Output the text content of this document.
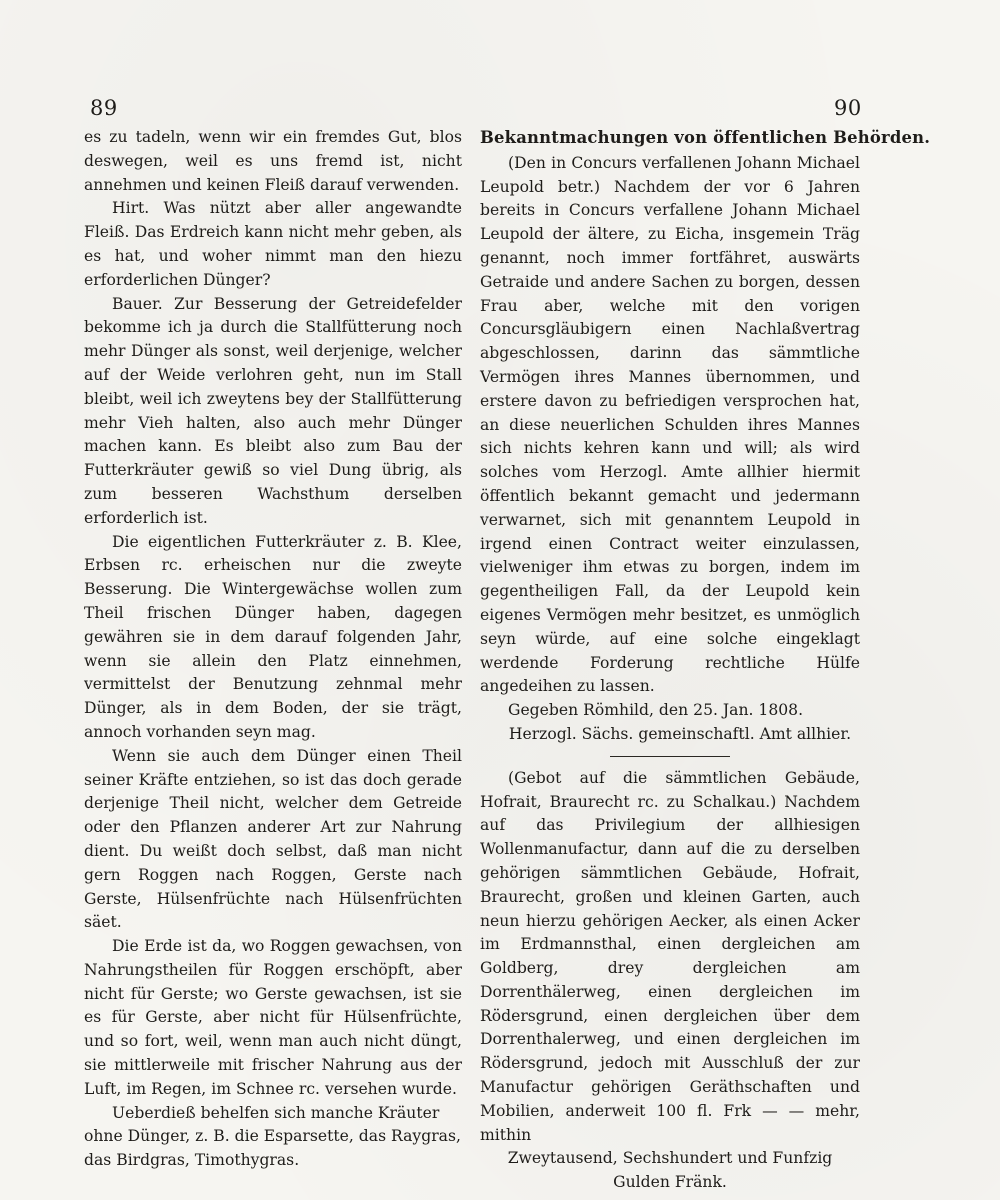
89	90

es zu tadeln, wenn wir ein fremdes Gut, blos deswegen, weil es uns fremd ist, nicht annehmen und keinen Fleiß darauf verwenden.

Hirt. Was nützt aber aller angewandte Fleiß. Das Erdreich kann nicht mehr geben, als es hat, und woher nimmt man den hiezu erforderlichen Dünger?

Bauer. Zur Besserung der Getreidefelder bekomme ich ja durch die Stallfütterung noch mehr Dünger als sonst, weil derjenige, welcher auf der Weide verlohren geht, nun im Stall bleibt, weil ich zweytens bey der Stallfütterung mehr Vieh halten, also auch mehr Dünger machen kann. Es bleibt also zum Bau der Futterkräuter gewiß so viel Dung übrig, als zum besseren Wachsthum derselben erforderlich ist.

Die eigentlichen Futterkräuter z. B. Klee, Erbsen rc. erheischen nur die zweyte Besserung. Die Wintergewächse wollen zum Theil frischen Dünger haben, dagegen gewähren sie in dem darauf folgenden Jahr, wenn sie allein den Platz einnehmen, vermittelst der Benutzung zehnmal mehr Dünger, als in dem Boden, der sie trägt, annoch vorhanden seyn mag.

Wenn sie auch dem Dünger einen Theil seiner Kräfte entziehen, so ist das doch gerade derjenige Theil nicht, welcher dem Getreide oder den Pflanzen anderer Art zur Nahrung dient. Du weißt doch selbst, daß man nicht gern Roggen nach Roggen, Gerste nach Gerste, Hülsenfrüchte nach Hülsenfrüchten säet.

Die Erde ist da, wo Roggen gewachsen, von Nahrungstheilen für Roggen erschöpft, aber nicht für Gerste; wo Gerste gewachsen, ist sie es für Gerste, aber nicht für Hülsenfrüchte, und so fort, weil, wenn man auch nicht düngt, sie mittlerweile mit frischer Nahrung aus der Luft, im Regen, im Schnee rc. versehen wurde.

Ueberdieß behelfen sich manche Kräuter ohne Dünger, z. B. die Esparsette, das Raygras, das Birdgras, Timothygras.

Bekanntmachungen von öffentlichen Behörden.

(Den in Concurs verfallenen Johann Michael Leupold betr.) Nachdem der vor 6 Jahren bereits in Concurs verfallene Johann Michael Leupold der ältere, zu Eicha, insgemein Träg genannt, noch immer fortfähret, auswärts Getraide und andere Sachen zu borgen, dessen Frau aber, welche mit den vorigen Concursgläubigern einen Nachlaßvertrag abgeschlossen, darinn das sämmtliche Vermögen ihres Mannes übernommen, und erstere davon zu befriedigen versprochen hat, an diese neuerlichen Schulden ihres Mannes sich nichts kehren kann und will; als wird solches vom Herzogl. Amte allhier hiermit öffentlich bekannt gemacht und jedermann verwarnet, sich mit genanntem Leupold in irgend einen Contract weiter einzulassen, vielweniger ihm etwas zu borgen, indem im gegentheiligen Fall, da der Leupold kein eigenes Vermögen mehr besitzet, es unmöglich seyn würde, auf eine solche eingeklagt werdende Forderung rechtliche Hülfe angedeihen zu lassen.

Gegeben Römhild, den 25. Jan. 1808.

Herzogl. Sächs. gemeinschaftl. Amt allhier.

(Gebot auf die sämmtlichen Gebäude, Hofrait, Braurecht rc. zu Schalkau.) Nachdem auf das Privilegium der allhiesigen Wollenmanufactur, dann auf die zu derselben gehörigen sämmtlichen Gebäude, Hofrait, Braurecht, großen und kleinen Garten, auch neun hierzu gehörigen Aecker, als einen Acker im Erdmannsthal, einen dergleichen am Goldberg, drey dergleichen am Dorrenthälerweg, einen dergleichen im Rödersgrund, einen dergleichen über dem Dorrenthalerweg, und einen dergleichen im Rödersgrund, jedoch mit Ausschluß der zur Manufactur gehörigen Geräthschaften und Mobilien, anderweit 100 fl. Frk — — mehr, mithin

Zweytausend, Sechshundert und Funfzig Gulden Fränk.
